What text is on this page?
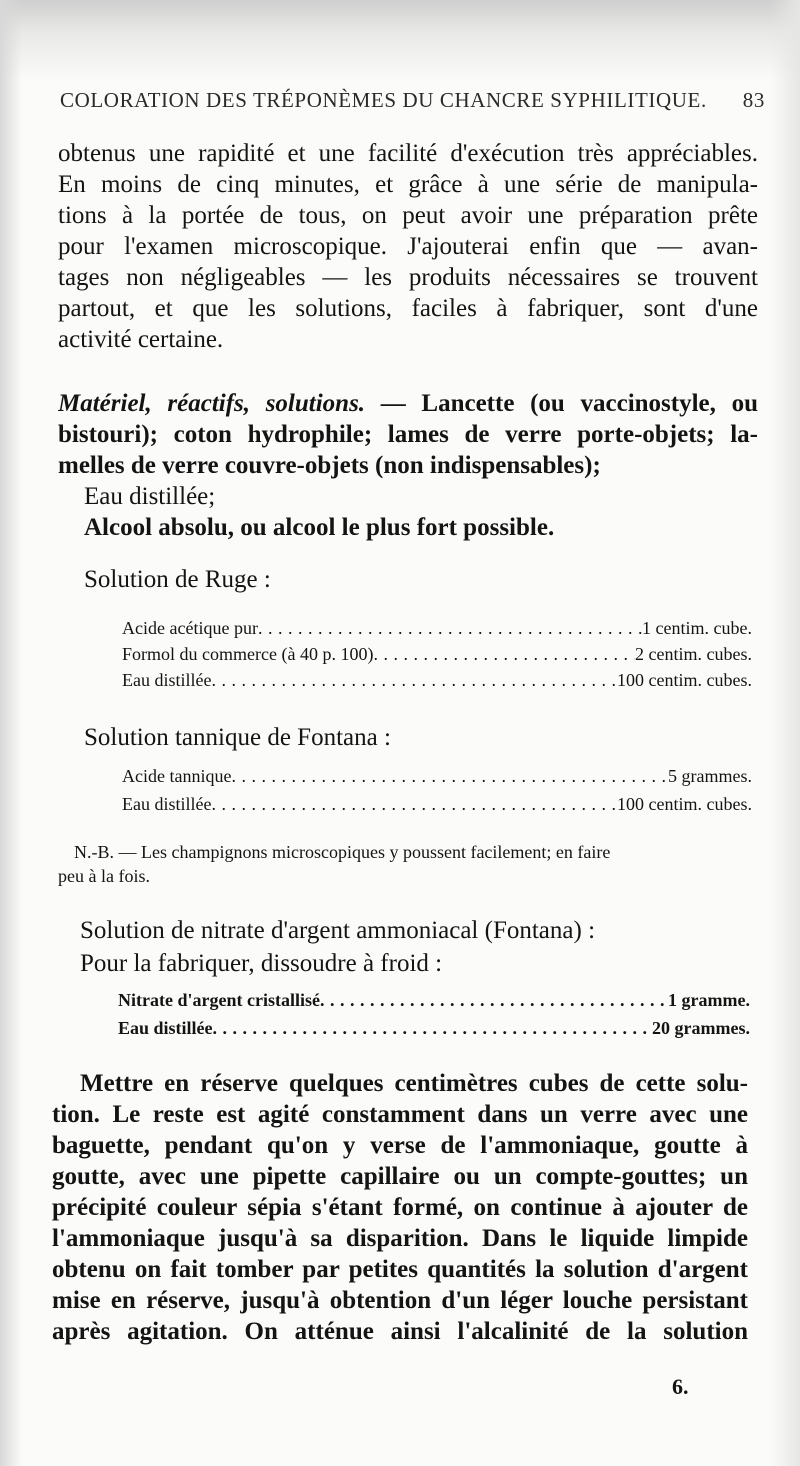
COLORATION DES TRÉPONÈMES DU CHANCRE SYPHILITIQUE. 83
obtenus une rapidité et une facilité d'exécution très appréciables.
En moins de cinq minutes, et grâce à une série de manipula-
tions à la portée de tous, on peut avoir une préparation prête
pour l'examen microscopique. J'ajouterai enfin que — avan-
tages non négligeables — les produits nécessaires se trouvent
partout, et que les solutions, faciles à fabriquer, sont d'une
activité certaine.
Matériel, réactifs, solutions. — Lancette (ou vaccinostyle, ou
bistouri); coton hydrophile; lames de verre porte-objets; la-
melles de verre couvre-objets (non indispensables);
Eau distillée;
Alcool absolu, ou alcool le plus fort possible.
Solution de Ruge :
Acide acétique pur . . .	1 centim. cube.
Formol du commerce (à 40 p. 100) . . .	2 centim. cubes.
Eau distillée . . .	100 centim. cubes.
Solution tannique de Fontana :
Acide tannique . . .	5 grammes.
Eau distillée . . .	100 centim. cubes.
N.-B. — Les champignons microscopiques y poussent facilement; en faire
peu à la fois.
Solution de nitrate d'argent ammoniacal (Fontana) :
Pour la fabriquer, dissoudre à froid :
Nitrate d'argent cristallisé . . .	1 gramme.
Eau distillée . . .	20 grammes.
Mettre en réserve quelques centimètres cubes de cette solu-
tion. Le reste est agité constamment dans un verre avec une
baguette, pendant qu'on y verse de l'ammoniaque, goutte à
goutte, avec une pipette capillaire ou un compte-gouttes; un
précipité couleur sépia s'étant formé, on continue à ajouter de
l'ammoniaque jusqu'à sa disparition. Dans le liquide limpide
obtenu on fait tomber par petites quantités la solution d'argent
mise en réserve, jusqu'à obtention d'un léger louche persistant
après agitation. On atténue ainsi l'alcalinité de la solution
6.
